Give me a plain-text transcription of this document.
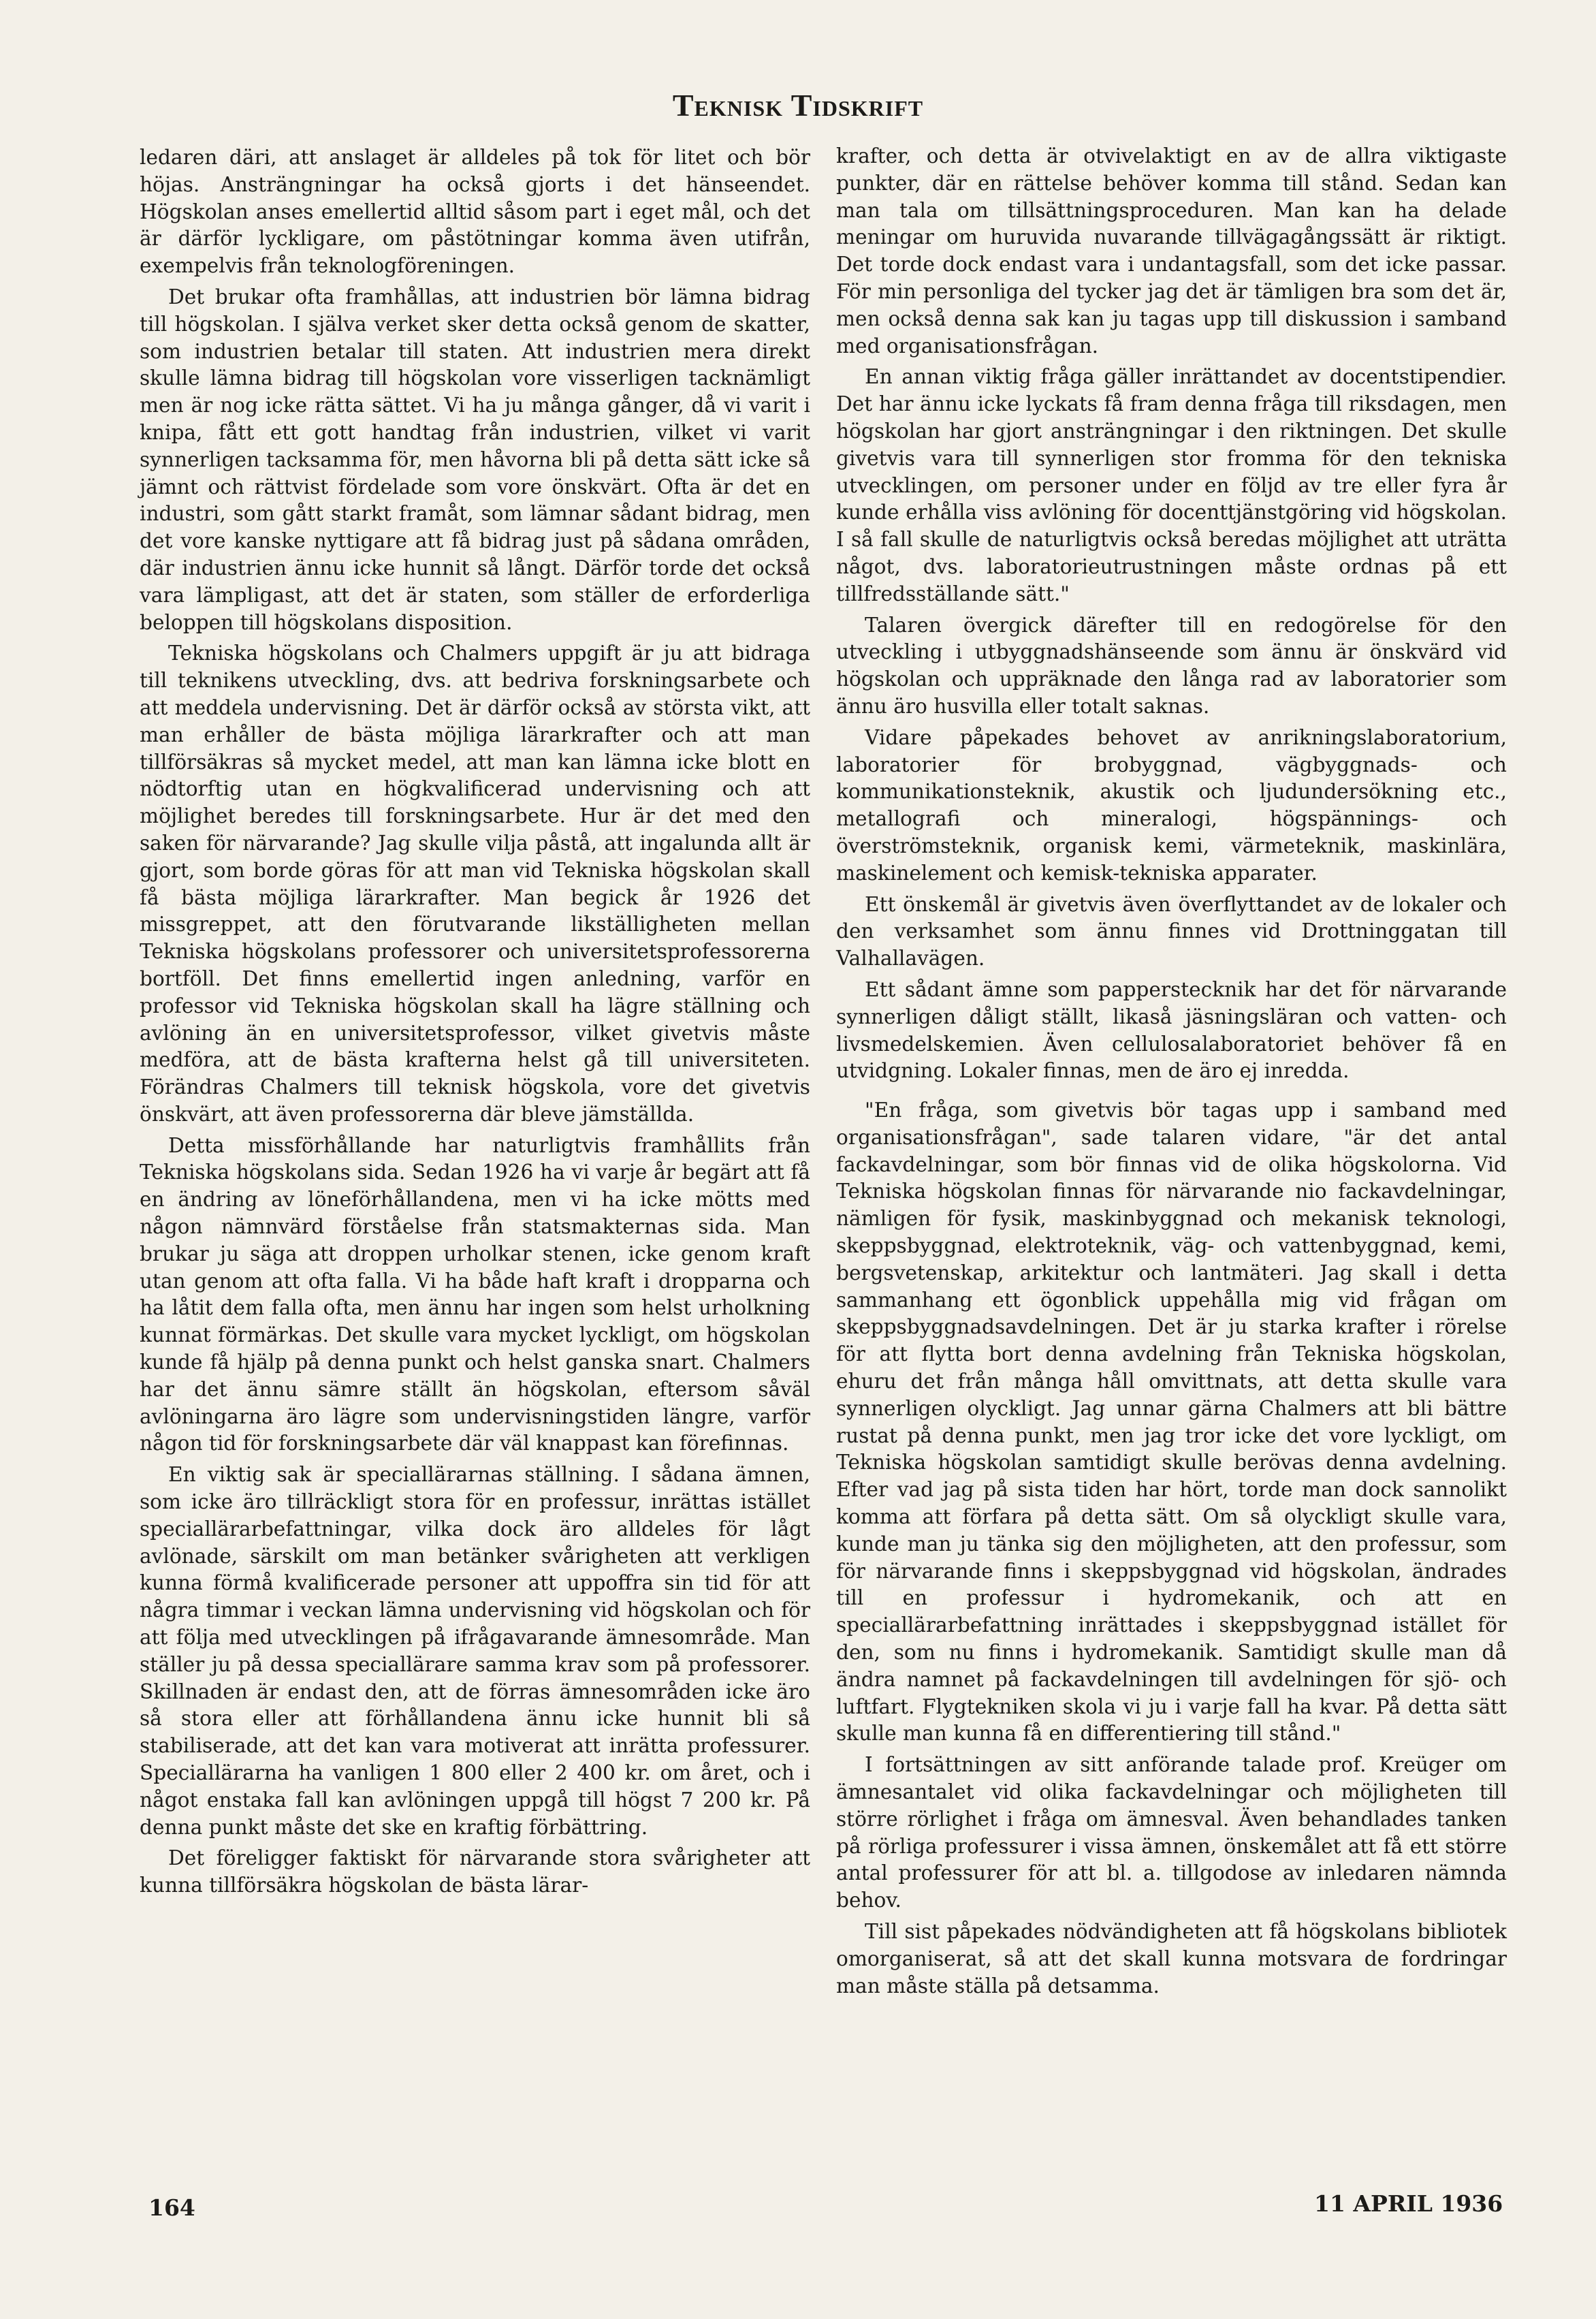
Teknisk Tidskrift

ledaren däri, att anslaget är alldeles på tok för litet och bör höjas. Ansträngningar ha också gjorts i det hänseendet. Högskolan anses emellertid alltid såsom part i eget mål, och det är därför lyckligare, om påstötningar komma även utifrån, exempelvis från teknologföreningen.

Det brukar ofta framhållas, att industrien bör lämna bidrag till högskolan. I själva verket sker detta också genom de skatter, som industrien betalar till staten. Att industrien mera direkt skulle lämna bidrag till högskolan vore visserligen tacknämligt men är nog icke rätta sättet. Vi ha ju många gånger, då vi varit i knipa, fått ett gott handtag från industrien, vilket vi varit synnerligen tacksamma för, men håvorna bli på detta sätt icke så jämnt och rättvist fördelade som vore önskvärt. Ofta är det en industri, som gått starkt framåt, som lämnar sådant bidrag, men det vore kanske nyttigare att få bidrag just på sådana områden, där industrien ännu icke hunnit så långt. Därför torde det också vara lämpligast, att det är staten, som ställer de erforderliga beloppen till högskolans disposition.

Tekniska högskolans och Chalmers uppgift är ju att bidraga till teknikens utveckling, dvs. att bedriva forskningsarbete och att meddela undervisning. Det är därför också av största vikt, att man erhåller de bästa möjliga lärarkrafter och att man tillförsäkras så mycket medel, att man kan lämna icke blott en nödtorftig utan en högkvalificerad undervisning och att möjlighet beredes till forskningsarbete. Hur är det med den saken för närvarande? Jag skulle vilja påstå, att ingalunda allt är gjort, som borde göras för att man vid Tekniska högskolan skall få bästa möjliga lärarkrafter. Man begick år 1926 det missgreppet, att den förutvarande likställigheten mellan Tekniska högskolans professorer och universitetsprofessorerna bortföll. Det finns emellertid ingen anledning, varför en professor vid Tekniska högskolan skall ha lägre ställning och avlöning än en universitetsprofessor, vilket givetvis måste medföra, att de bästa krafterna helst gå till universiteten. Förändras Chalmers till teknisk högskola, vore det givetvis önskvärt, att även professorerna där bleve jämställda.

Detta missförhållande har naturligtvis framhållits från Tekniska högskolans sida. Sedan 1926 ha vi varje år begärt att få en ändring av löneförhållandena, men vi ha icke mötts med någon nämnvärd förståelse från statsmakternas sida. Man brukar ju säga att droppen urholkar stenen, icke genom kraft utan genom att ofta falla. Vi ha både haft kraft i dropparna och ha låtit dem falla ofta, men ännu har ingen som helst urholkning kunnat förmärkas. Det skulle vara mycket lyckligt, om högskolan kunde få hjälp på denna punkt och helst ganska snart. Chalmers har det ännu sämre ställt än högskolan, eftersom såväl avlöningarna äro lägre som undervisningstiden längre, varför någon tid för forskningsarbete där väl knappast kan förefinnas.

En viktig sak är speciallärarnas ställning. I sådana ämnen, som icke äro tillräckligt stora för en professur, inrättas istället speciallärarbefattningar, vilka dock äro alldeles för lågt avlönade, särskilt om man betänker svårigheten att verkligen kunna förmå kvalificerade personer att uppoffra sin tid för att några timmar i veckan lämna undervisning vid högskolan och för att följa med utvecklingen på ifrågavarande ämnesområde. Man ställer ju på dessa speciallärare samma krav som på professorer. Skillnaden är endast den, att de förras ämnesområden icke äro så stora eller att förhållandena ännu icke hunnit bli så stabiliserade, att det kan vara motiverat att inrätta professurer. Speciallärarna ha vanligen 1 800 eller 2 400 kr. om året, och i något enstaka fall kan avlöningen uppgå till högst 7 200 kr. På denna punkt måste det ske en kraftig förbättring.

Det föreligger faktiskt för närvarande stora svårigheter att kunna tillförsäkra högskolan de bästa lärar-

krafter, och detta är otvivelaktigt en av de allra viktigaste punkter, där en rättelse behöver komma till stånd. Sedan kan man tala om tillsättningsproceduren. Man kan ha delade meningar om huruvida nuvarande tillvägagångssätt är riktigt. Det torde dock endast vara i undantagsfall, som det icke passar. För min personliga del tycker jag det är tämligen bra som det är, men också denna sak kan ju tagas upp till diskussion i samband med organisationsfrågan.

En annan viktig fråga gäller inrättandet av docentstipendier. Det har ännu icke lyckats få fram denna fråga till riksdagen, men högskolan har gjort ansträngningar i den riktningen. Det skulle givetvis vara till synnerligen stor fromma för den tekniska utvecklingen, om personer under en följd av tre eller fyra år kunde erhålla viss avlöning för docenttjänstgöring vid högskolan. I så fall skulle de naturligtvis också beredas möjlighet att uträtta något, dvs. laboratorieutrustningen måste ordnas på ett tillfredsställande sätt."

Talaren övergick därefter till en redogörelse för den utveckling i utbyggnadshänseende som ännu är önskvärd vid högskolan och uppräknade den långa rad av laboratorier som ännu äro husvilla eller totalt saknas.

Vidare påpekades behovet av anrikningslaboratorium, laboratorier för brobyggnad, vägbyggnads- och kommunikationsteknik, akustik och ljudundersökning etc., metallografi och mineralogi, högspännings- och överströmsteknik, organisk kemi, värmeteknik, maskinlära, maskinelement och kemisk-tekniska apparater.

Ett önskemål är givetvis även överflyttandet av de lokaler och den verksamhet som ännu finnes vid Drottninggatan till Valhallavägen.

Ett sådant ämne som papperstecknik har det för närvarande synnerligen dåligt ställt, likaså jäsningsläran och vatten- och livsmedelskemien. Även cellulosalaboratoriet behöver få en utvidgning. Lokaler finnas, men de äro ej inredda.

"En fråga, som givetvis bör tagas upp i samband med organisationsfrågan", sade talaren vidare, "är det antal fackavdelningar, som bör finnas vid de olika högskolorna. Vid Tekniska högskolan finnas för närvarande nio fackavdelningar, nämligen för fysik, maskinbyggnad och mekanisk teknologi, skeppsbyggnad, elektroteknik, väg- och vattenbyggnad, kemi, bergsvetenskap, arkitektur och lantmäteri. Jag skall i detta sammanhang ett ögonblick uppehålla mig vid frågan om skeppsbyggnadsavdelningen. Det är ju starka krafter i rörelse för att flytta bort denna avdelning från Tekniska högskolan, ehuru det från många håll omvittnats, att detta skulle vara synnerligen olyckligt. Jag unnar gärna Chalmers att bli bättre rustat på denna punkt, men jag tror icke det vore lyckligt, om Tekniska högskolan samtidigt skulle berövas denna avdelning. Efter vad jag på sista tiden har hört, torde man dock sannolikt komma att förfara på detta sätt. Om så olyckligt skulle vara, kunde man ju tänka sig den möjligheten, att den professur, som för närvarande finns i skeppsbyggnad vid högskolan, ändrades till en professur i hydromekanik, och att en speciallärarbefattning inrättades i skeppsbyggnad istället för den, som nu finns i hydromekanik. Samtidigt skulle man då ändra namnet på fackavdelningen till avdelningen för sjö- och luftfart. Flygtekniken skola vi ju i varje fall ha kvar. På detta sätt skulle man kunna få en differentiering till stånd."

I fortsättningen av sitt anförande talade prof. Kreüger om ämnesantalet vid olika fackavdelningar och möjligheten till större rörlighet i fråga om ämnesval. Även behandlades tanken på rörliga professurer i vissa ämnen, önskemålet att få ett större antal professurer för att bl. a. tillgodose av inledaren nämnda behov.

Till sist påpekades nödvändigheten att få högskolans bibliotek omorganiserat, så att det skall kunna motsvara de fordringar man måste ställa på detsamma.

164	11 APRIL 1936
